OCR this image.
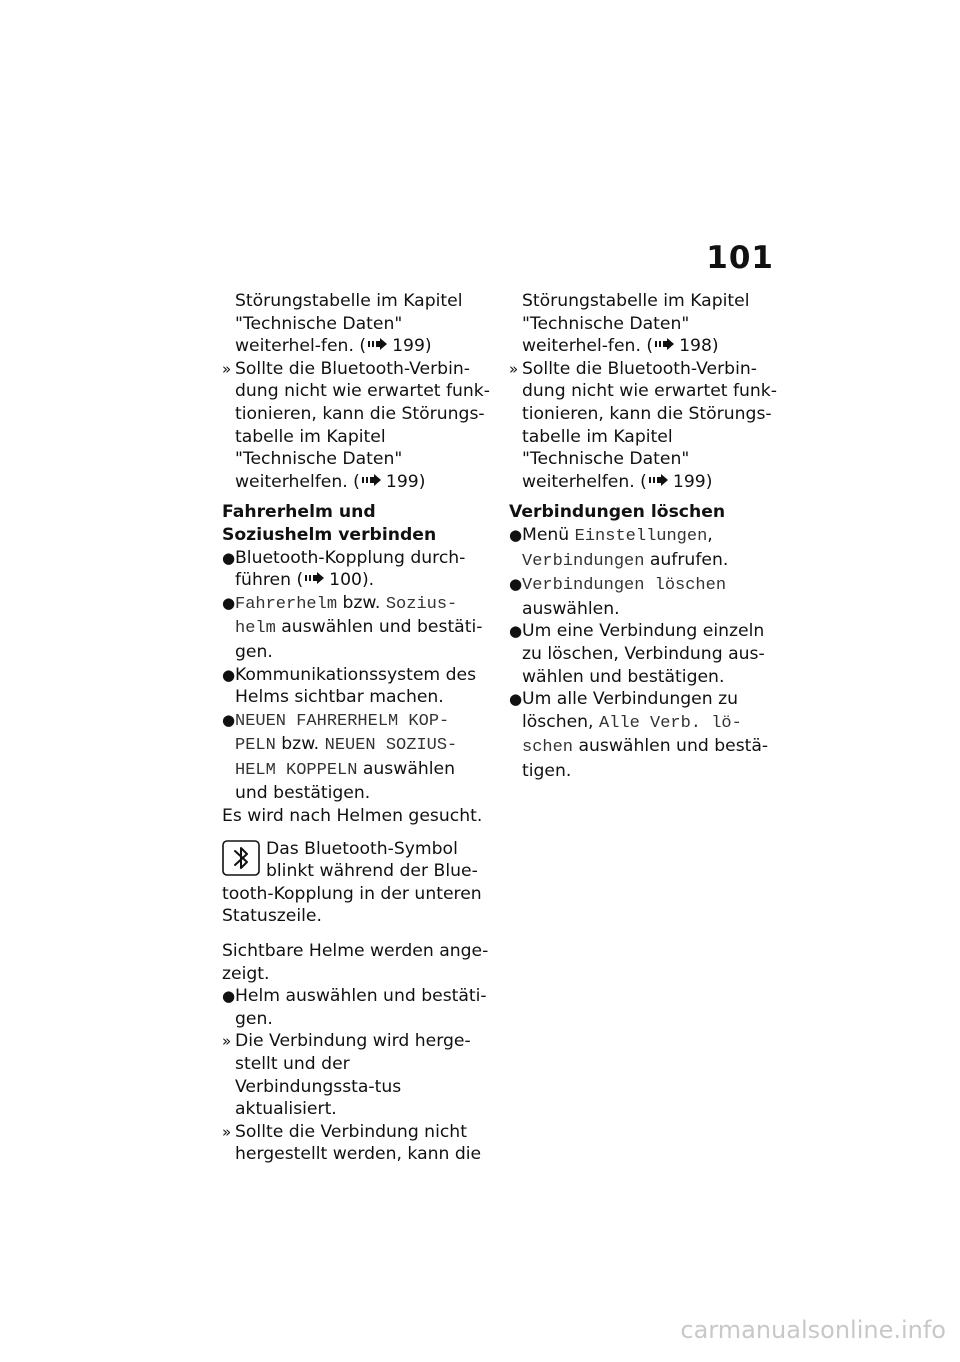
101

Störungstabelle im Kapitel "Technische Daten" weiterhel-fen. ( 199)

» Sollte die Bluetooth-Verbin-dung nicht wie erwartet funk-tionieren, kann die Störungs-tabelle im Kapitel "Technische Daten" weiterhelfen. ( 199)

Fahrerhelm und Soziushelm verbinden

● Bluetooth-Kopplung durch-führen ( 100).
● Fahrerhelm bzw. Sozius-helm auswählen und bestäti-gen.
● Kommunikationssystem des Helms sichtbar machen.
● NEUEN FAHRERHELM KOP-PELN bzw. NEUEN SOZIUS-HELM KOPPELN auswählen und bestätigen.

Es wird nach Helmen gesucht.

Das Bluetooth-Symbol blinkt während der Blue-tooth-Kopplung in der unteren Statuszeile.

Sichtbare Helme werden ange-zeigt.

● Helm auswählen und bestäti-gen.
» Die Verbindung wird herge-stellt und der Verbindungssta-tus aktualisiert.
» Sollte die Verbindung nicht hergestellt werden, kann die

Störungstabelle im Kapitel "Technische Daten" weiterhel-fen. ( 198)

» Sollte die Bluetooth-Verbin-dung nicht wie erwartet funk-tionieren, kann die Störungs-tabelle im Kapitel "Technische Daten" weiterhelfen. ( 199)

Verbindungen löschen

● Menü Einstellungen, Verbindungen aufrufen.
● Verbindungen löschen auswählen.
● Um eine Verbindung einzeln zu löschen, Verbindung aus-wählen und bestätigen.
● Um alle Verbindungen zu löschen, Alle Verb. lö-schen auswählen und bestä-tigen.
carmanualsonline.info
